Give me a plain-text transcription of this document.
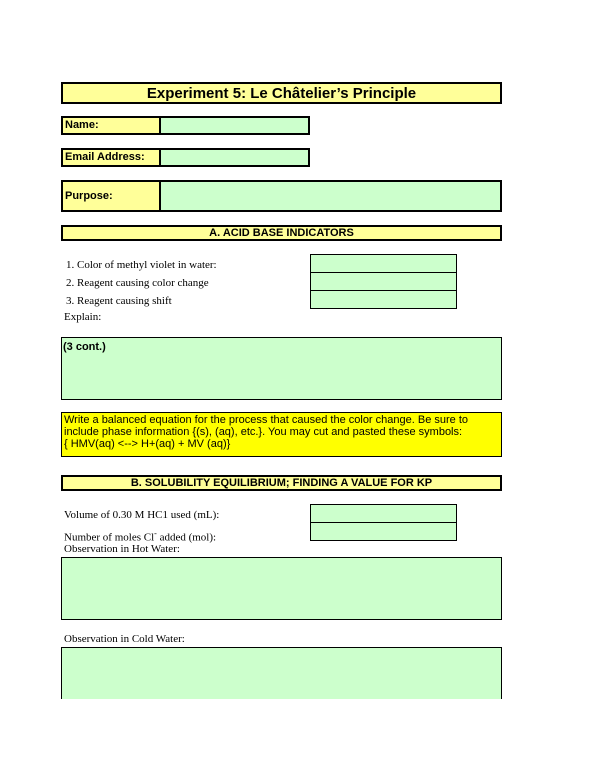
Experiment 5: Le Châtelier’s Principle
Name:
Email Address:
Purpose:
A. ACID BASE INDICATORS
1. Color of methyl violet in water:
2. Reagent causing color change
3. Reagent causing shift
Explain:
(3 cont.)
Write a balanced equation for the process that caused the color change. Be sure to
include phase information {(s), (aq), etc.}. You may cut and pasted these symbols:
{ HMV(aq) <--> H+(aq) + MV (aq)}
B. SOLUBILITY EQUILIBRIUM; FINDING A VALUE FOR KP
Volume of 0.30 M HC1 used (mL):
Number of moles Cl- added (mol):
Observation in Hot Water:
Observation in Cold Water:
